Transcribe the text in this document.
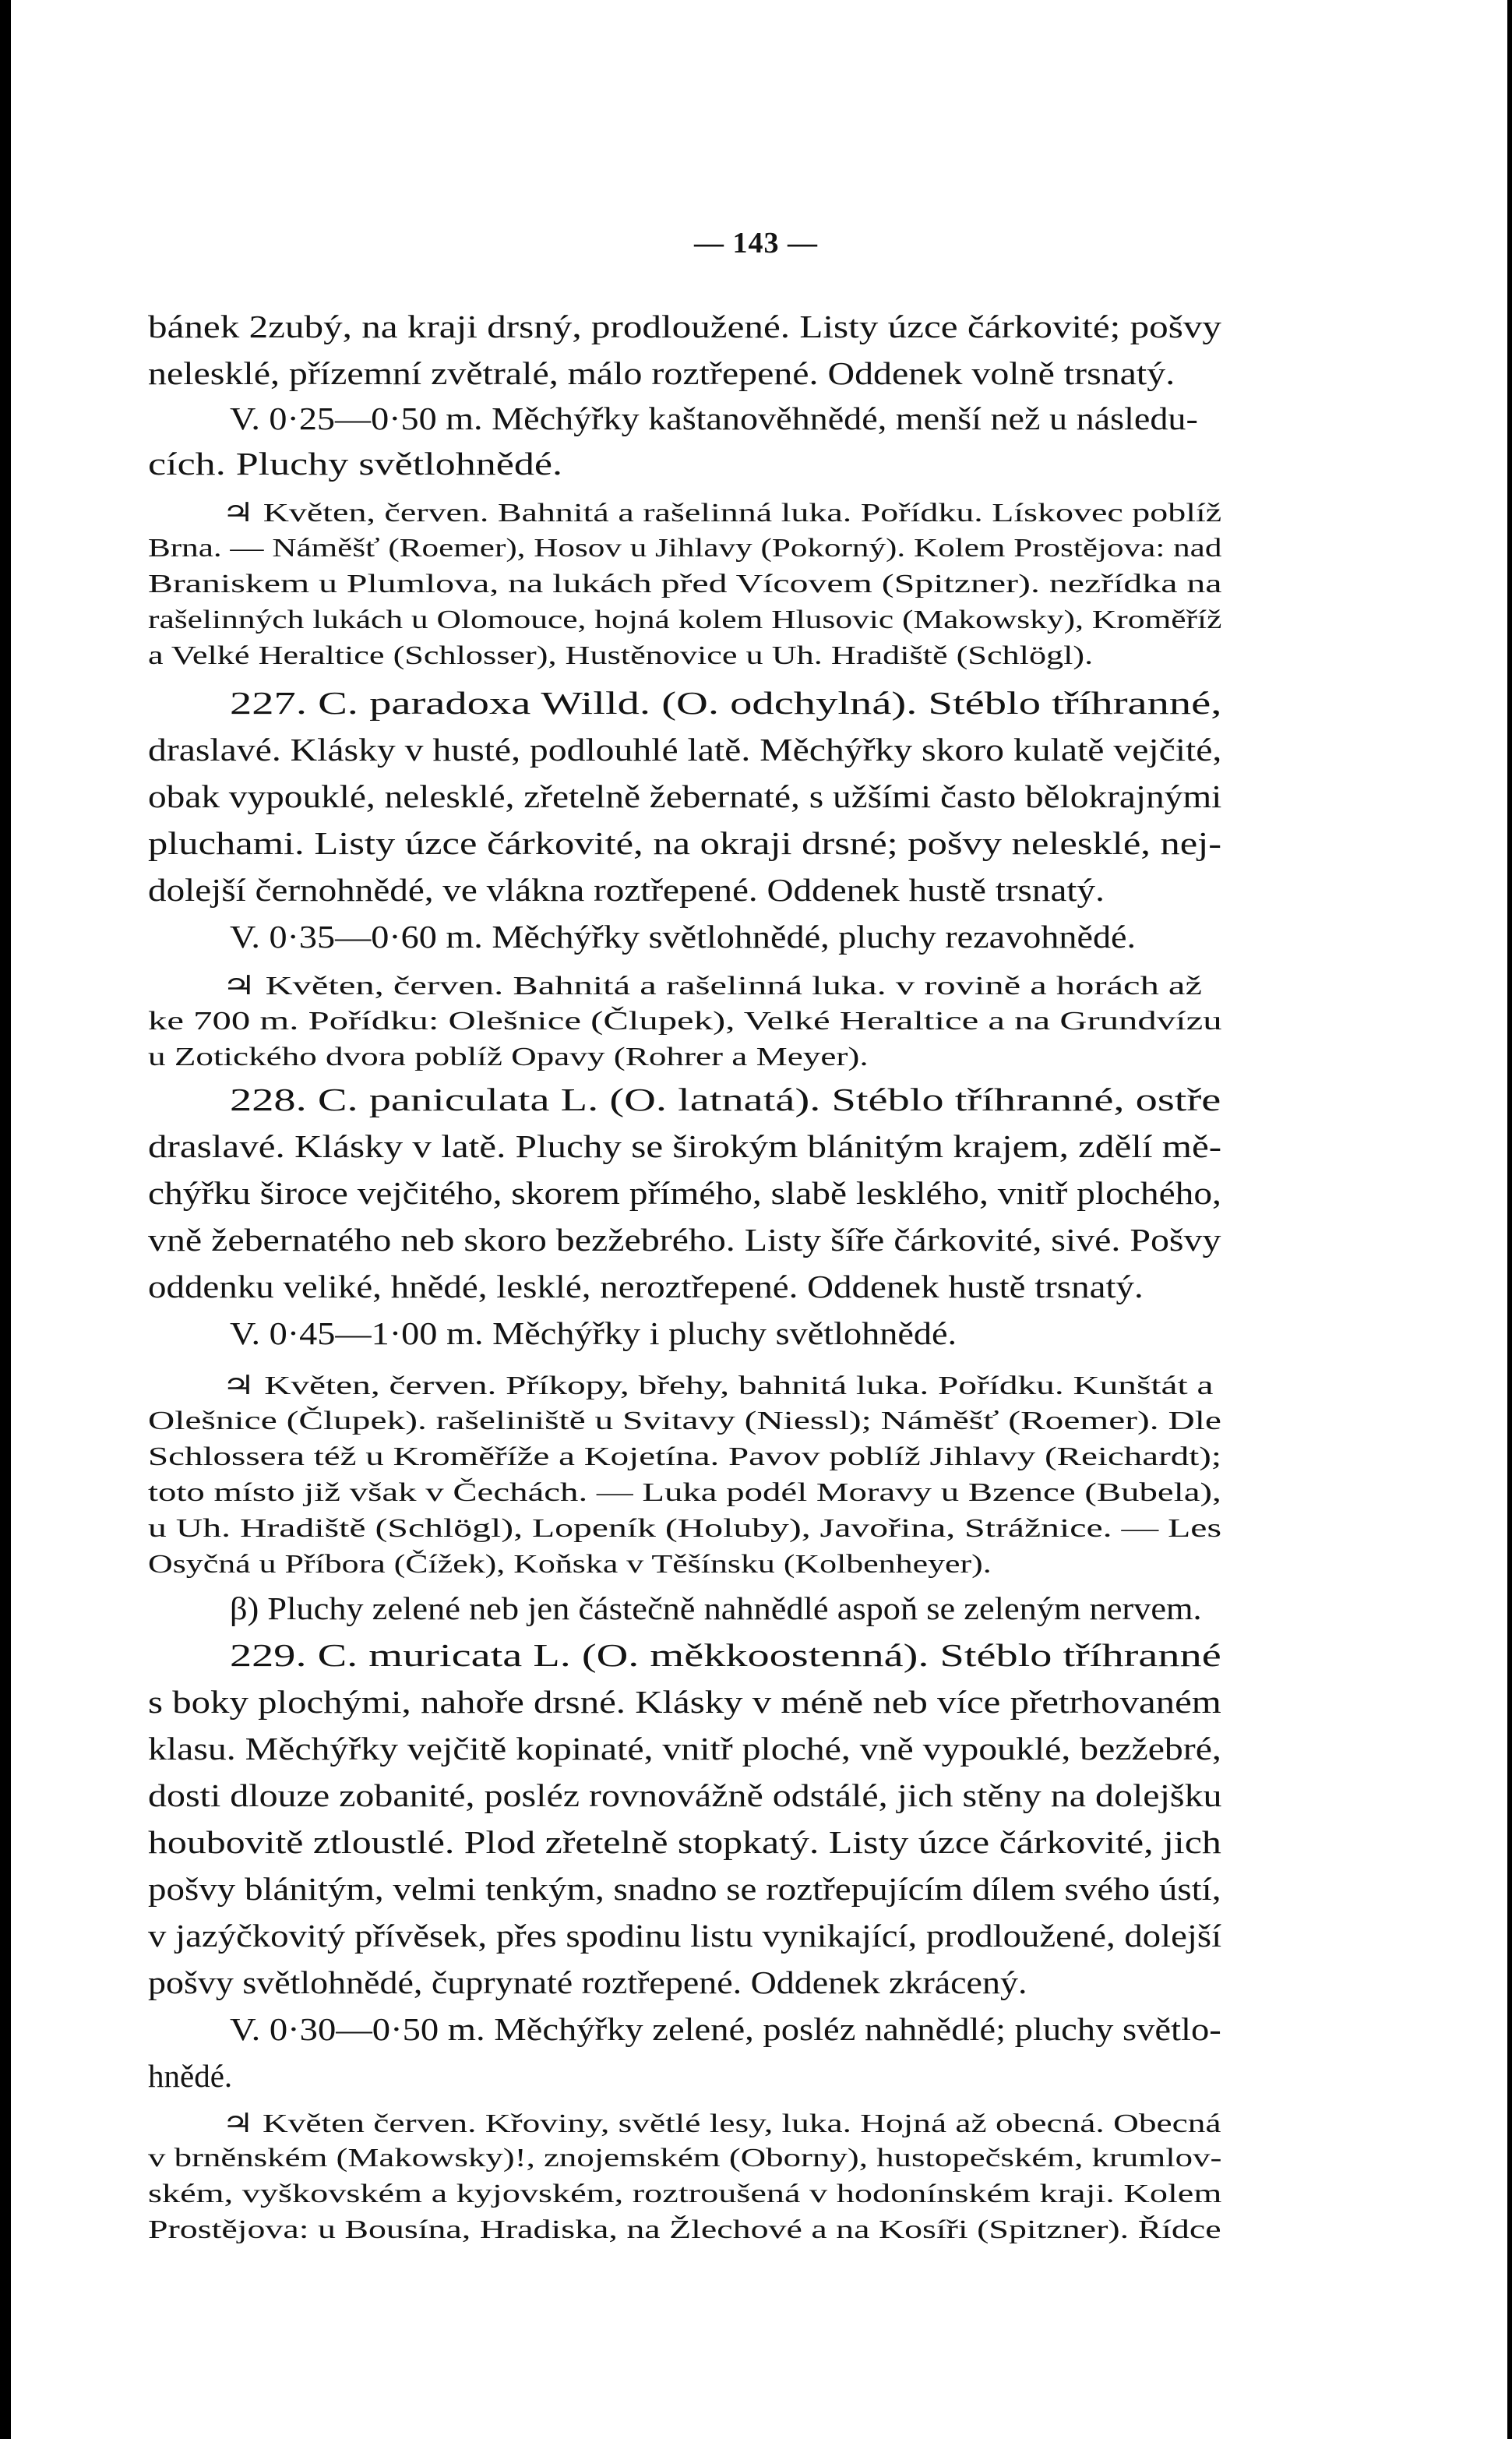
— 143 —
bánek 2zubý, na kraji drsný, prodloužené. Listy úzce čárkovité; pošvy
nelesklé, přízemní zvětralé, málo roztřepené. Oddenek volně trsnatý.
V. 0·25—0·50 m. Měchýřky kaštanověhnědé, menší než u následu-
cích. Pluchy světlohnědé.
♃ Květen, červen. Bahnitá a rašelinná luka. Pořídku. Lískovec poblíž
Brna. — Náměšť (Roemer), Hosov u Jihlavy (Pokorný). Kolem Prostějova: nad
Braniskem u Plumlova, na lukách před Vícovem (Spitzner). nezřídka na
rašelinných lukách u Olomouce, hojná kolem Hlusovic (Makowsky), Kroměříž
a Velké Heraltice (Schlosser), Hustěnovice u Uh. Hradiště (Schlögl).
227. C. paradoxa Willd. (O. odchylná). Stéblo tříhranné,
draslavé. Klásky v husté, podlouhlé latě. Měchýřky skoro kulatě vejčité,
obak vypouklé, nelesklé, zřetelně žebernaté, s užšími často bělokrajnými
pluchami. Listy úzce čárkovité, na okraji drsné; pošvy nelesklé, nej-
dolejší černohnědé, ve vlákna roztřepené. Oddenek hustě trsnatý.
V. 0·35—0·60 m. Měchýřky světlohnědé, pluchy rezavohnědé.
♃ Květen, červen. Bahnitá a rašelinná luka. v rovině a horách až
ke 700 m. Pořídku: Olešnice (Člupek), Velké Heraltice a na Grundvízu
u Zotického dvora poblíž Opavy (Rohrer a Meyer).
228. C. paniculata L. (O. latnatá). Stéblo tříhranné, ostře
draslavé. Klásky v latě. Pluchy se širokým blánitým krajem, zdělí mě-
chýřku široce vejčitého, skorem přímého, slabě lesklého, vnitř plochého,
vně žebernatého neb skoro bezžebrého. Listy šíře čárkovité, sivé. Pošvy
oddenku veliké, hnědé, lesklé, neroztřepené. Oddenek hustě trsnatý.
V. 0·45—1·00 m. Měchýřky i pluchy světlohnědé.
♃ Květen, červen. Příkopy, břehy, bahnitá luka. Pořídku. Kunštát a
Olešnice (Člupek). rašeliniště u Svitavy (Niessl); Náměšť (Roemer). Dle
Schlossera též u Kroměříže a Kojetína. Pavov poblíž Jihlavy (Reichardt);
toto místo již však v Čechách. — Luka podél Moravy u Bzence (Bubela),
u Uh. Hradiště (Schlögl), Lopeník (Holuby), Javořina, Strážnice. — Les
Osyčná u Příbora (Čížek), Koňska v Těšínsku (Kolbenheyer).
β) Pluchy zelené neb jen částečně nahnědlé aspoň se zeleným nervem.
229. C. muricata L. (O. měkkoostenná). Stéblo tříhranné
s boky plochými, nahoře drsné. Klásky v méně neb více přetrhovaném
klasu. Měchýřky vejčitě kopinaté, vnitř ploché, vně vypouklé, bezžebré,
dosti dlouze zobanité, posléz rovnovážně odstálé, jich stěny na dolejšku
houbovitě ztloustlé. Plod zřetelně stopkatý. Listy úzce čárkovité, jich
pošvy blánitým, velmi tenkým, snadno se roztřepujícím dílem svého ústí,
v jazýčkovitý přívěsek, přes spodinu listu vynikající, prodloužené, dolejší
pošvy světlohnědé, čuprynaté roztřepené. Oddenek zkrácený.
V. 0·30—0·50 m. Měchýřky zelené, posléz nahnědlé; pluchy světlo-
hnědé.
♃ Květen červen. Křoviny, světlé lesy, luka. Hojná až obecná. Obecná
v brněnském (Makowsky)!, znojemském (Oborny), hustopečském, krumlov-
ském, vyškovském a kyjovském, roztroušená v hodonínském kraji. Kolem
Prostějova: u Bousína, Hradiska, na Žlechové a na Kosíři (Spitzner). Řídce
